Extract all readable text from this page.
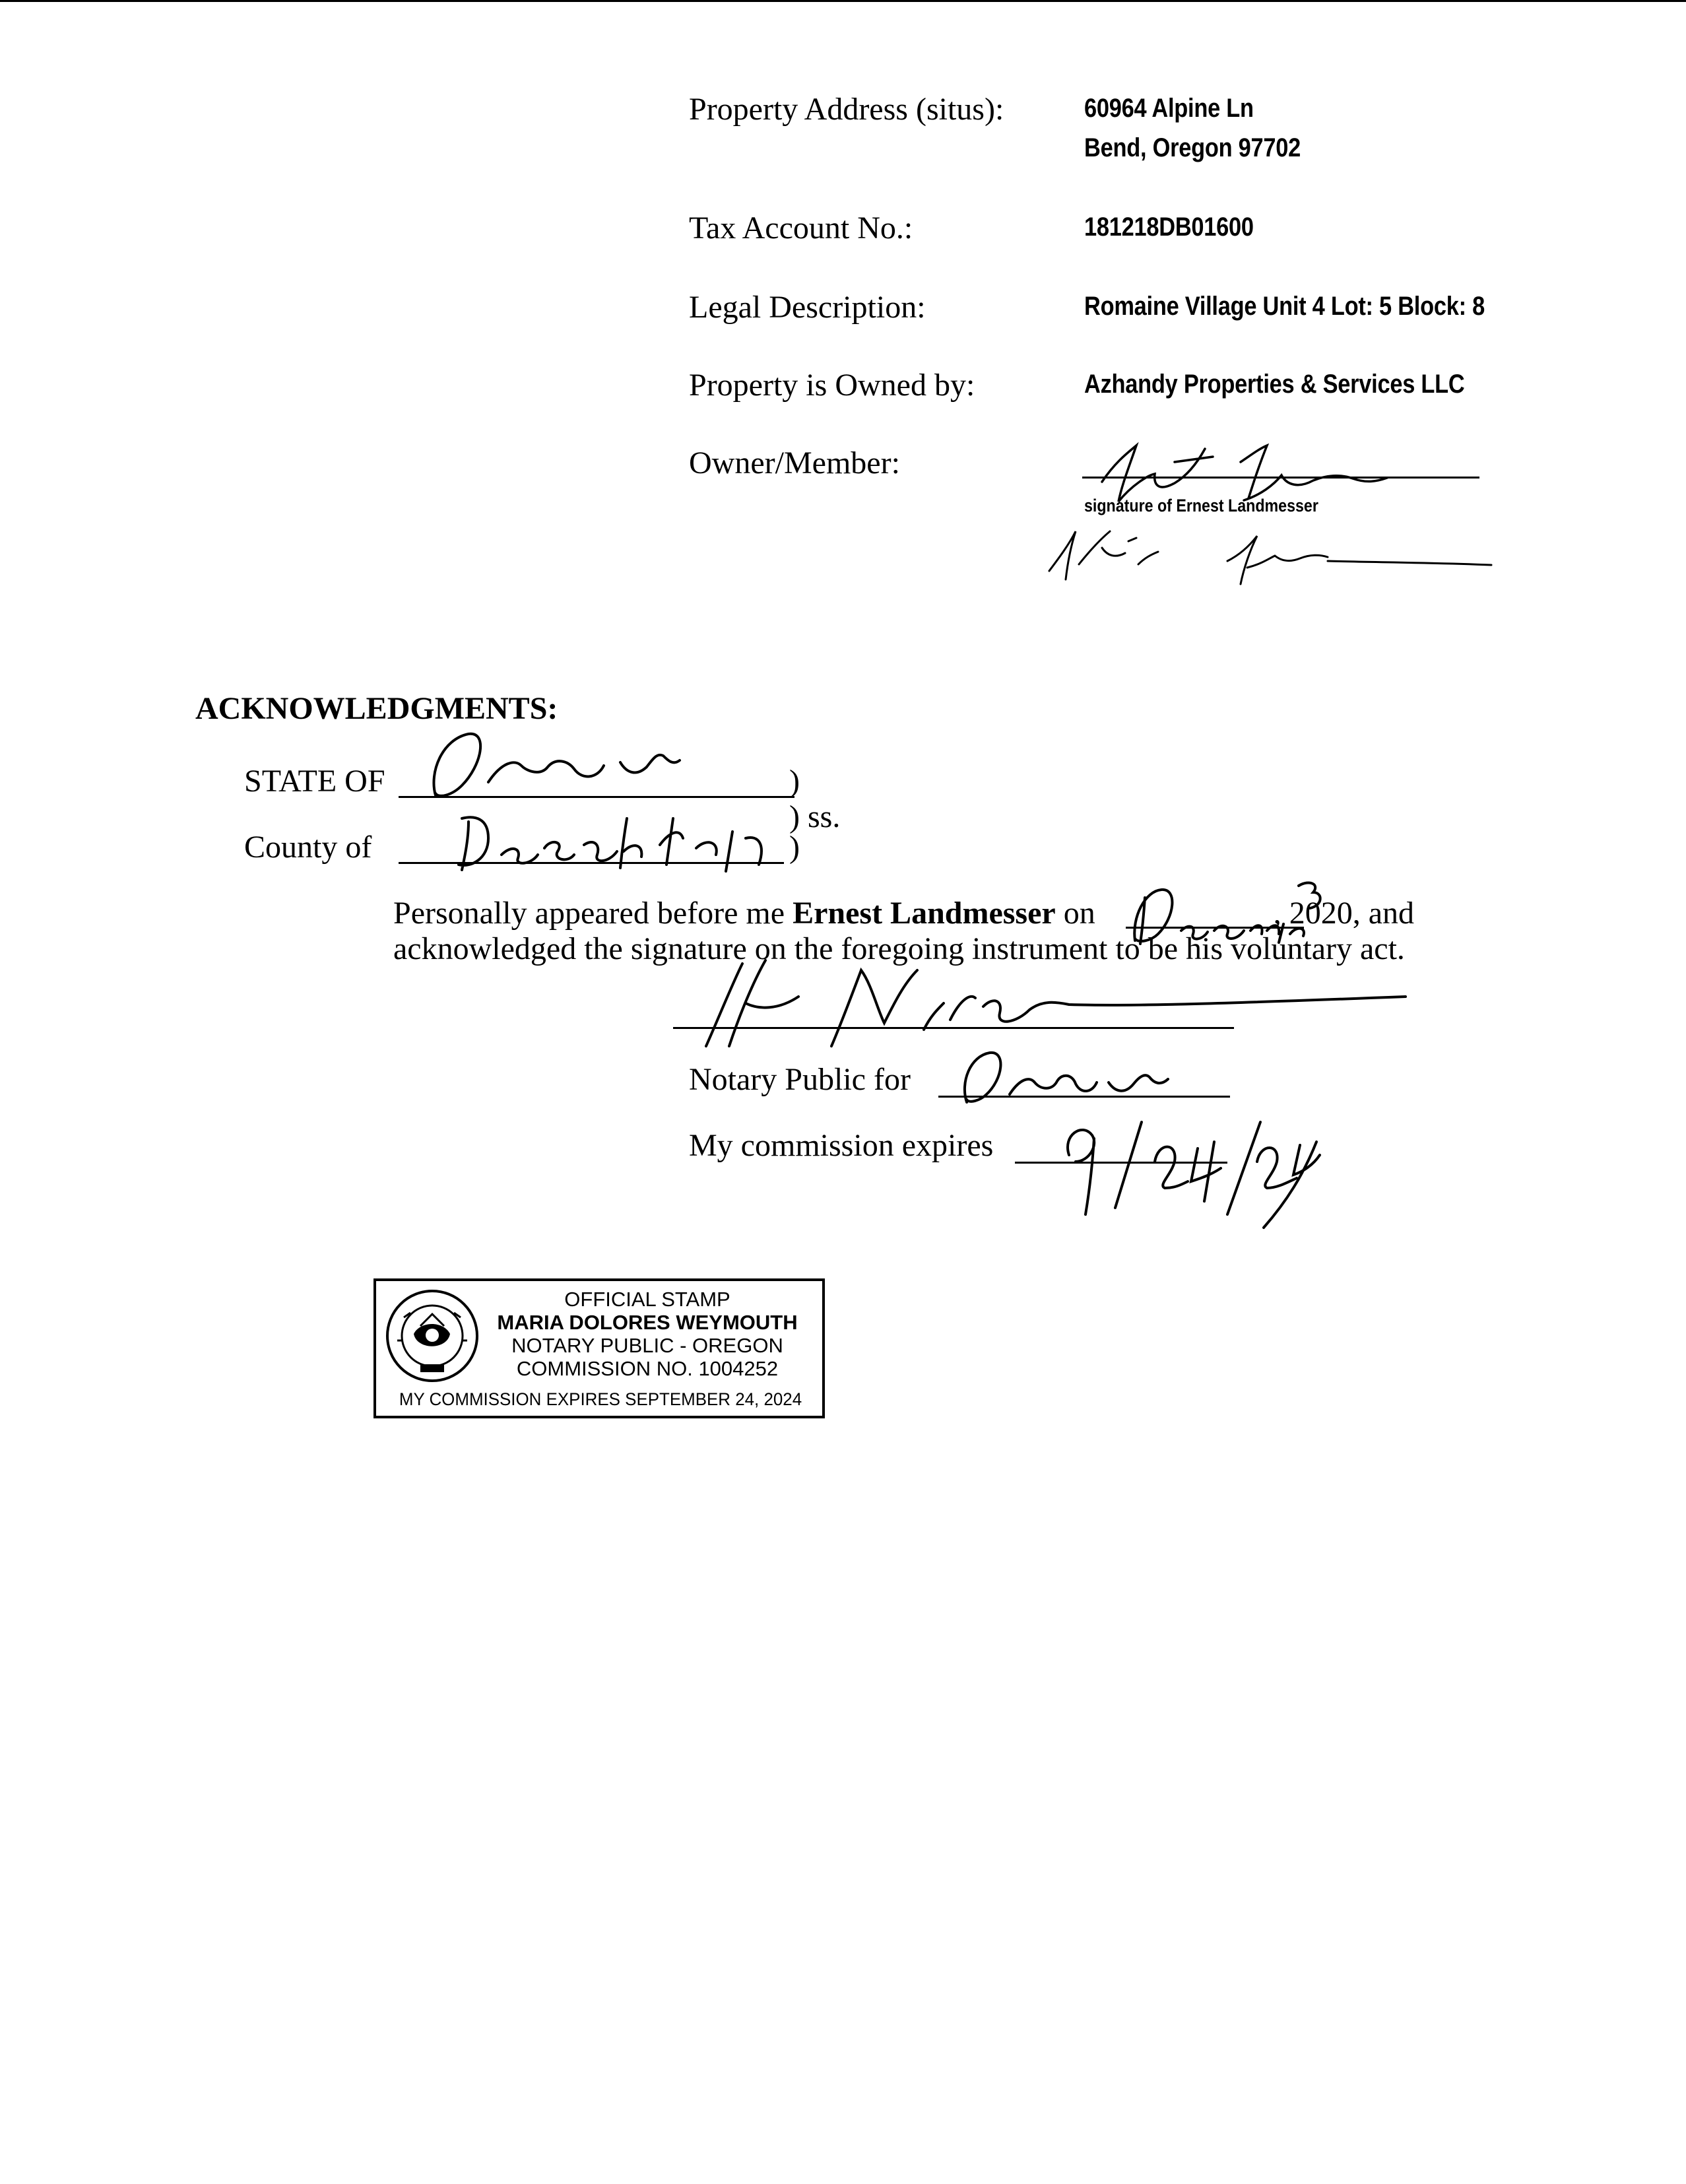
Property Address (situs):	60964 Alpine Ln
Bend, Oregon 97702
Tax Account No.:	181218DB01600
Legal Description:	Romaine Village Unit 4 Lot: 5 Block: 8
Property is Owned by:	Azhandy Properties & Services LLC
Owner/Member:
signature of Ernest Landmesser
ACKNOWLEDGMENTS:
STATE OF	)
) ss.
County of	)
Personally appeared before me Ernest Landmesser on	, 2020, and
acknowledged the signature on the foregoing instrument to be his voluntary act.
Notary Public for
My commission expires
OFFICIAL STAMP
MARIA DOLORES WEYMOUTH
NOTARY PUBLIC - OREGON
COMMISSION NO. 1004252
MY COMMISSION EXPIRES SEPTEMBER 24, 2024
